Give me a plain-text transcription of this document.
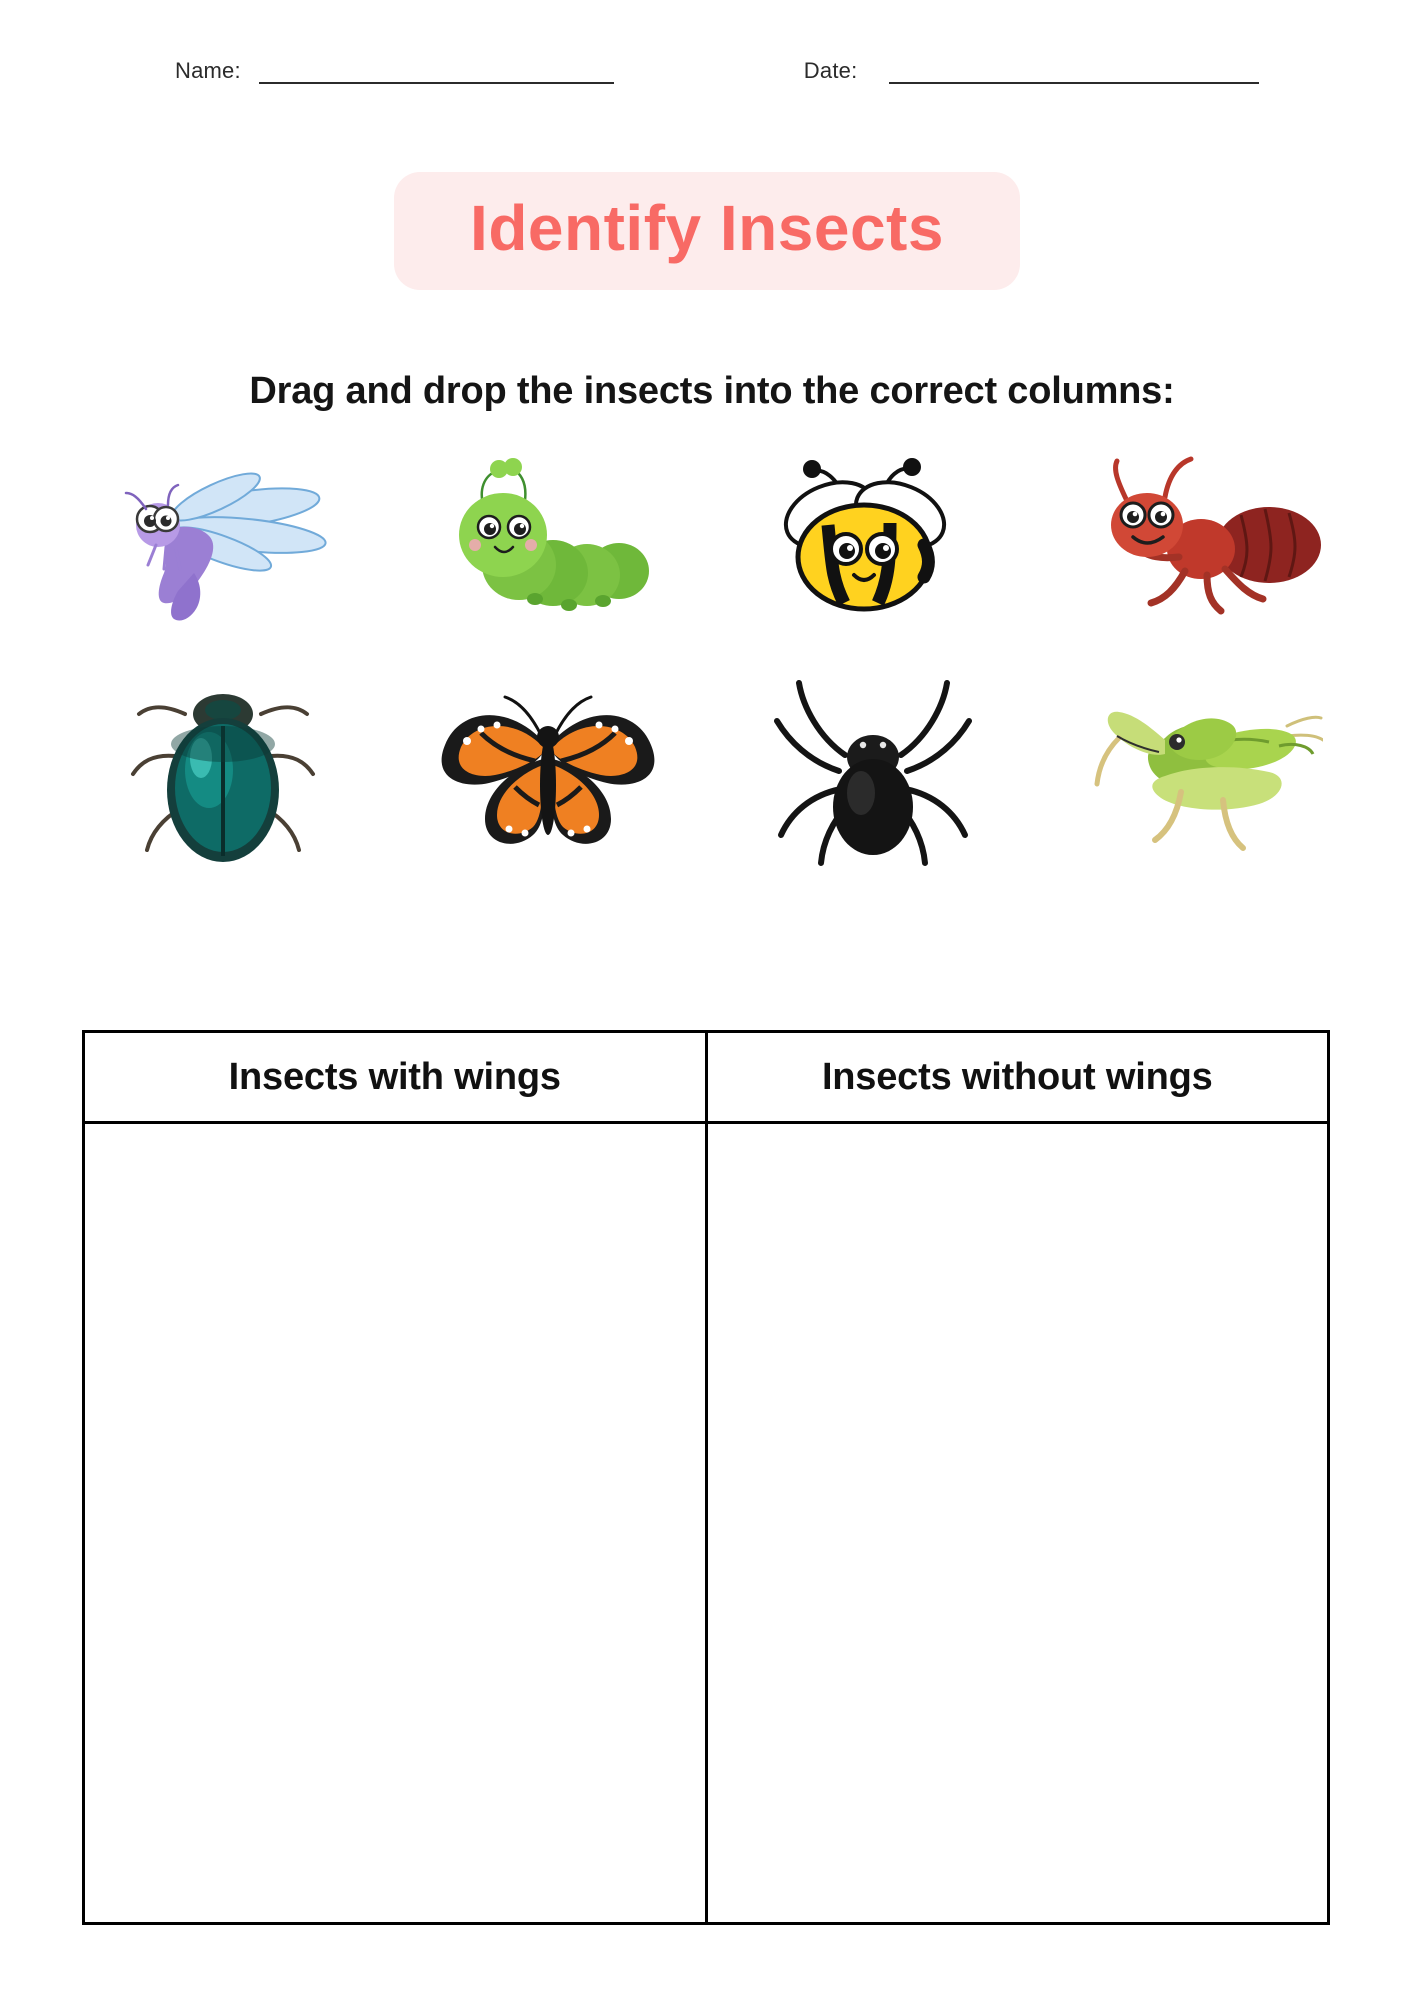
Name:	Date:
Identify Insects
Drag and drop the insects into the correct columns:
Insects with wings	Insects without wings
